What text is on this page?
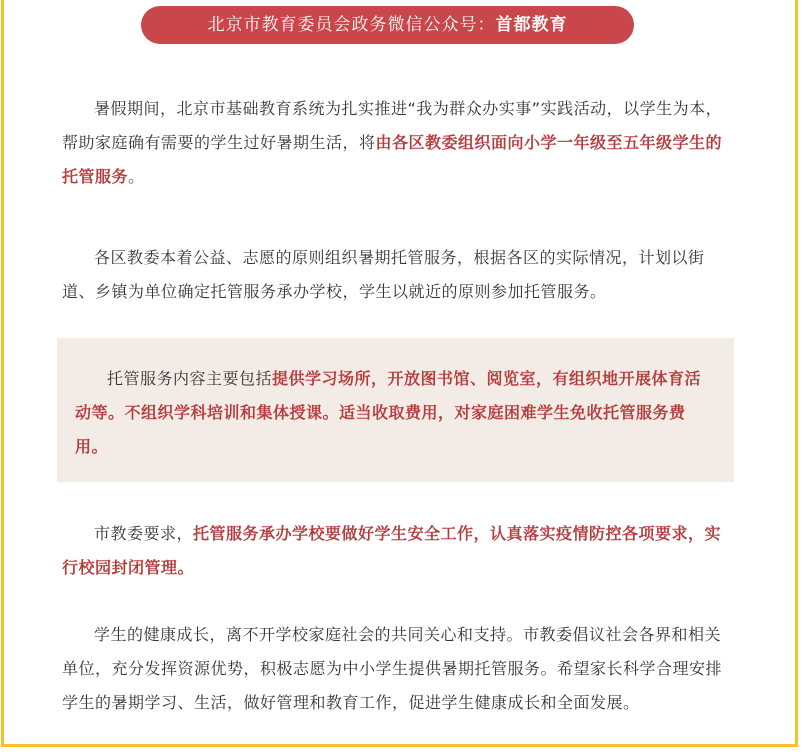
北京市教育委员会政务微信公众号：首都教育

暑假期间，北京市基础教育系统为扎实推进“我为群众办实事”实践活动，以学生为本，帮助家庭确有需要的学生过好暑期生活，将由各区教委组织面向小学一年级至五年级学生的托管服务。

各区教委本着公益、志愿的原则组织暑期托管服务，根据各区的实际情况，计划以街道、乡镇为单位确定托管服务承办学校，学生以就近的原则参加托管服务。

托管服务内容主要包括提供学习场所，开放图书馆、阅览室，有组织地开展体育活动等。不组织学科培训和集体授课。适当收取费用，对家庭困难学生免收托管服务费用。

市教委要求，托管服务承办学校要做好学生安全工作，认真落实疫情防控各项要求，实行校园封闭管理。

学生的健康成长，离不开学校家庭社会的共同关心和支持。市教委倡议社会各界和相关单位，充分发挥资源优势，积极志愿为中小学生提供暑期托管服务。希望家长科学合理安排学生的暑期学习、生活，做好管理和教育工作，促进学生健康成长和全面发展。
